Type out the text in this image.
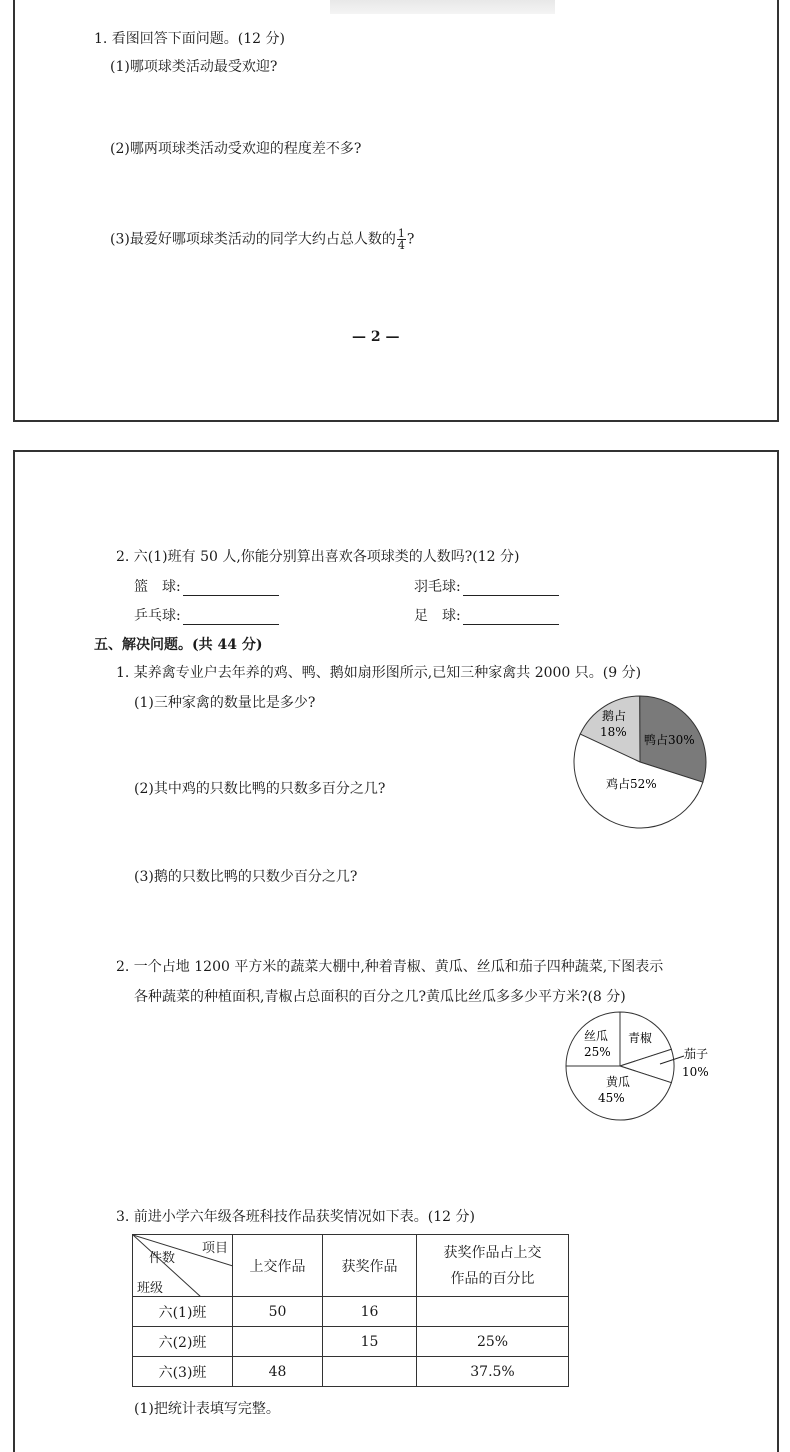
1. 看图回答下面问题。(12 分)
(1)哪项球类活动最受欢迎?
(2)哪两项球类活动受欢迎的程度差不多?
(3)最爱好哪项球类活动的同学大约占总人数的 $\frac{1}{4}$ ?
— 2 —
2. 六(1)班有 50 人,你能分别算出喜欢各项球类的人数吗?(12 分)
篮　球:	羽毛球:
乒乓球:	足　球:
五、解决问题。(共 44 分)
1. 某养禽专业户去年养的鸡、鸭、鹅如扇形图所示,已知三种家禽共 2000 只。(9 分)
(1)三种家禽的数量比是多少?
(2)其中鸡的只数比鸭的只数多百分之几?
(3)鹅的只数比鸭的只数少百分之几?
鹅占
18%
鸭占30%
鸡占52%
2. 一个占地 1200 平方米的蔬菜大棚中,种着青椒、黄瓜、丝瓜和茄子四种蔬菜,下图表示
各种蔬菜的种植面积,青椒占总面积的百分之几?黄瓜比丝瓜多多少平方米?(8 分)
丝瓜
25%
青椒
茄子
10%
黄瓜
45%
3. 前进小学六年级各班科技作品获奖情况如下表。(12 分)
项目
件数
班级	上交作品	获奖作品	获奖作品占上交
作品的百分比
六(1)班	50	16	
六(2)班		15	25%
六(3)班	48		37.5%
(1)把统计表填写完整。
